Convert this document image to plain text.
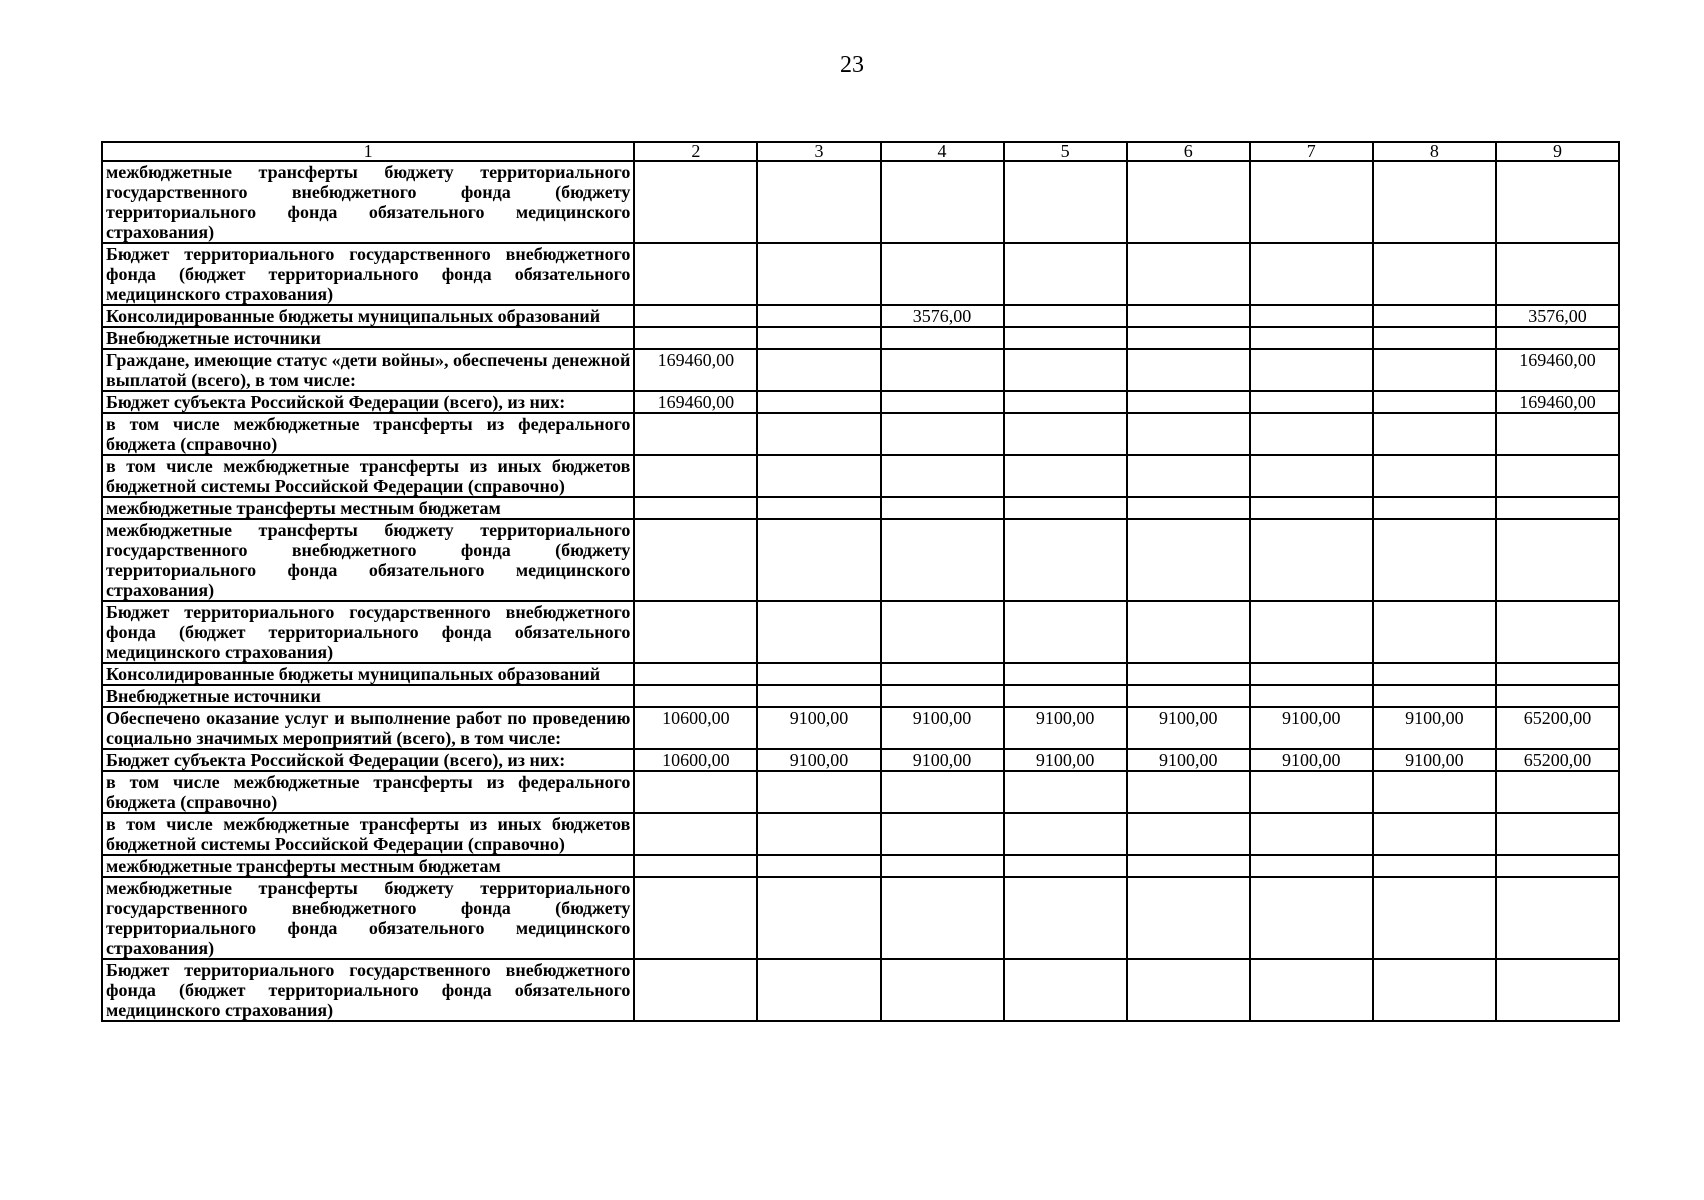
23
1	2	3	4	5	6	7	8	9
межбюджетные трансферты бюджету территориального государственного внебюджетного фонда (бюджету территориального фонда обязательного медицинского страхования)								
Бюджет территориального государственного внебюджетного фонда (бюджет территориального фонда обязательного медицинского страхования)								
Консолидированные бюджеты муниципальных образований			3576,00					3576,00
Внебюджетные источники								
Граждане, имеющие статус «дети войны», обеспечены денежной выплатой (всего), в том числе:	169460,00							169460,00
Бюджет субъекта Российской Федерации (всего), из них:	169460,00							169460,00
в том числе межбюджетные трансферты из федерального бюджета (справочно)								
в том числе межбюджетные трансферты из иных бюджетов бюджетной системы Российской Федерации (справочно)								
межбюджетные трансферты местным бюджетам								
межбюджетные трансферты бюджету территориального государственного внебюджетного фонда (бюджету территориального фонда обязательного медицинского страхования)								
Бюджет территориального государственного внебюджетного фонда (бюджет территориального фонда обязательного медицинского страхования)								
Консолидированные бюджеты муниципальных образований								
Внебюджетные источники								
Обеспечено оказание услуг и выполнение работ по проведению социально значимых мероприятий (всего), в том числе:	10600,00	9100,00	9100,00	9100,00	9100,00	9100,00	9100,00	65200,00
Бюджет субъекта Российской Федерации (всего), из них:	10600,00	9100,00	9100,00	9100,00	9100,00	9100,00	9100,00	65200,00
в том числе межбюджетные трансферты из федерального бюджета (справочно)								
в том числе межбюджетные трансферты из иных бюджетов бюджетной системы Российской Федерации (справочно)								
межбюджетные трансферты местным бюджетам								
межбюджетные трансферты бюджету территориального государственного внебюджетного фонда (бюджету территориального фонда обязательного медицинского страхования)								
Бюджет территориального государственного внебюджетного фонда (бюджет территориального фонда обязательного медицинского страхования)								
